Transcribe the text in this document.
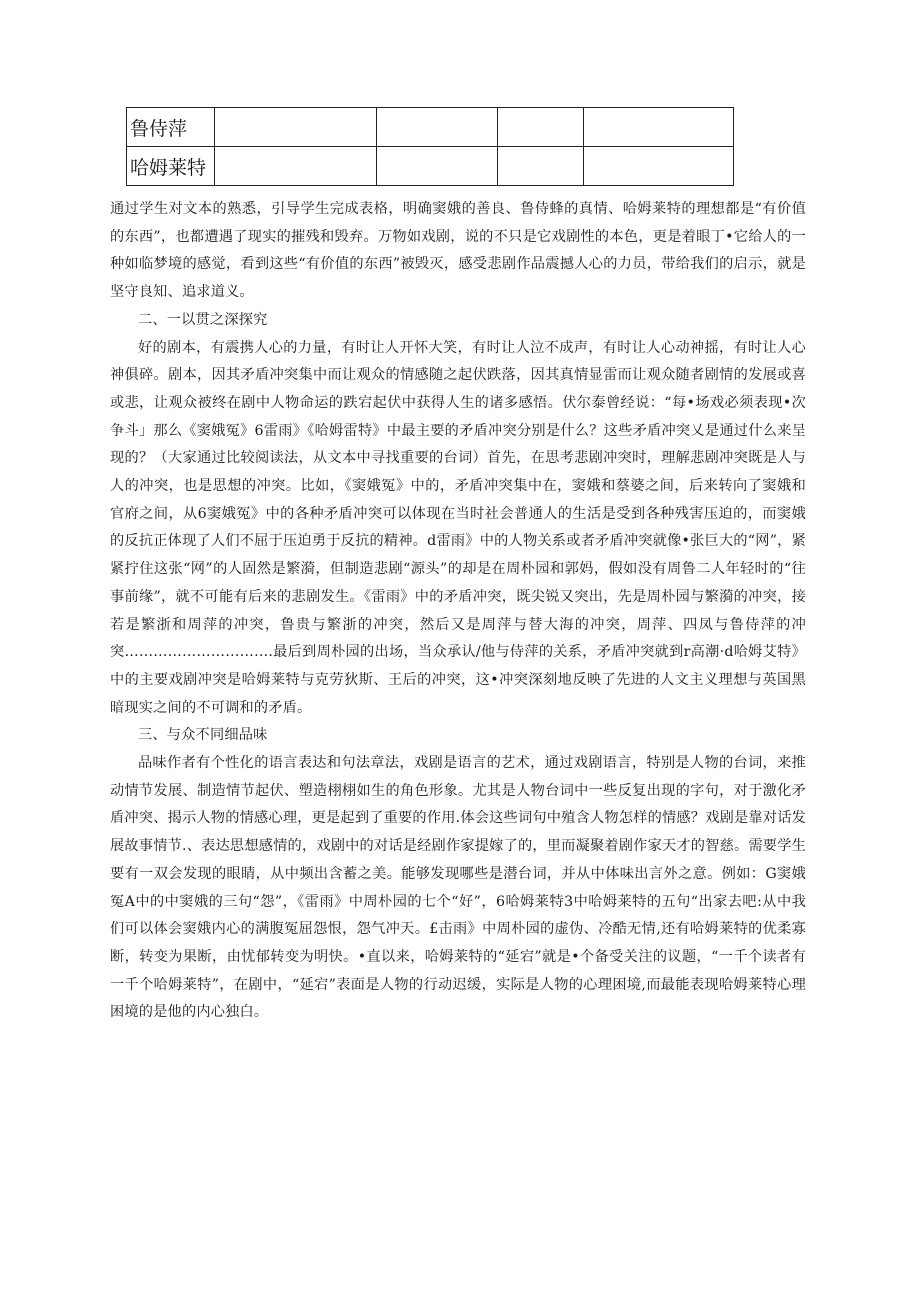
鲁侍萍				
哈姆莱特				

通过学生对文本的熟悉，引导学生完成表格，明确窦娥的善良、鲁侍蜂的真情、哈姆莱特的理想都是“有价值的东西”，也都遭遇了现实的摧残和毁弃。万物如戏剧，说的不只是它戏剧性的本色，更是着眼丁•它给人的一种如临梦境的感觉，看到这些“有价值的东西”被毁灭，感受悲剧作品震撼人心的力员，带给我们的启示，就是坚守良知、追求道义。

二、一以贯之深探究

好的剧本，有震携人心的力量，有时让人开怀大笑，有时让人泣不成声，有时让人心动神摇，有时让人心神俱碎。剧本，因其矛盾冲突集中而让观众的情感随之起伏跌落，因其真情显雷而让观众随者剧情的发展或喜或悲，让观众被终在剧中人物命运的跌宕起伏中获得人生的诸多感悟。伏尔泰曾经说：“每•场戏必须表现•次争斗」那么《窦娥冤》6雷雨》《哈姆雷特》中最主要的矛盾冲突分别是什么？这些矛盾冲突乂是通过什么来呈现的？（大家通过比较阅读法，从文本中寻找重要的台词）首先，在思考悲剧冲突时，理解悲剧冲突既是人与人的冲突，也是思想的冲突。比如，《窦娥冤》中的，矛盾冲突集中在，窦娥和蔡婆之间，后来转向了窦娥和官府之间，从6窦娥冤》中的各种矛盾冲突可以体现在当时社会普通人的生活是受到各种残害压迫的，而窦娥的反抗正体现了人们不屈于压迫勇于反抗的精神。d雷雨》中的人物关系或者矛盾冲突就像•张巨大的“网”，紧紧拧住这张“网”的人固然是繁漪，但制造悲剧“源头”的却是在周朴园和郭妈，假如没有周鲁二人年轻时的“往事前缘”，就不可能有后来的悲剧发生。《雷雨》中的矛盾冲突，既尖锐又突出，先是周朴园与繁漪的冲突，接若是繁浙和周萍的冲突，鲁贵与繁浙的冲突，然后又是周萍与替大海的冲突，周萍、四凤与鲁侍萍的冲突………………………….最后到周朴园的出场，当众承认/他与侍萍的关系，矛盾冲突就到r高潮·d哈姆艾特》中的主要戏剧冲突是哈姆莱特与克劳狄斯、王后的冲突，这•冲突深刻地反映了先进的人文主义理想与英国黑暗现实之间的不可调和的矛盾。

三、与众不同细品味

品味作者有个性化的语言表达和句法章法，戏剧是语言的艺术，通过戏剧语言，特别是人物的台词，来推动情节发展、制造情节起伏、塑造栩栩如生的角色形象。尤其是人物台词中一些反复出现的字句，对于激化矛盾冲突、揭示人物的情感心理，更是起到了重要的作用.体会这些词句中殖含人物怎样的情感？戏剧是靠对话发展故事情节.、表达思想感情的，戏剧中的对话是经剧作家提嫁了的，里而凝聚着剧作家天才的智慈。需要学生要有一双会发现的眼睛，从中频出含蓄之美。能够发现哪些是潜台词，并从中体味出言外之意。例如：G窦娥冤A中的中窦娥的三句“怨”，《雷雨》中周朴园的七个“好”，6哈姆莱特3中哈姆莱特的五句“出家去吧:从中我们可以体会窦娥内心的满腹冤屈怨恨，怨气冲天。£击雨》中周朴园的虚伪、冷酷无情,还有哈姆莱特的优柔寡断，转变为果断，由忧郁转变为明快。•直以来，哈姆莱特的“延宕”就是•个备受关注的议题，“一千个读者有一千个哈姆莱特”，在剧中，“延宕”表面是人物的行动迟缓，实际是人物的心理困境,而最能表现哈姆莱特心理困境的是他的内心独白。
